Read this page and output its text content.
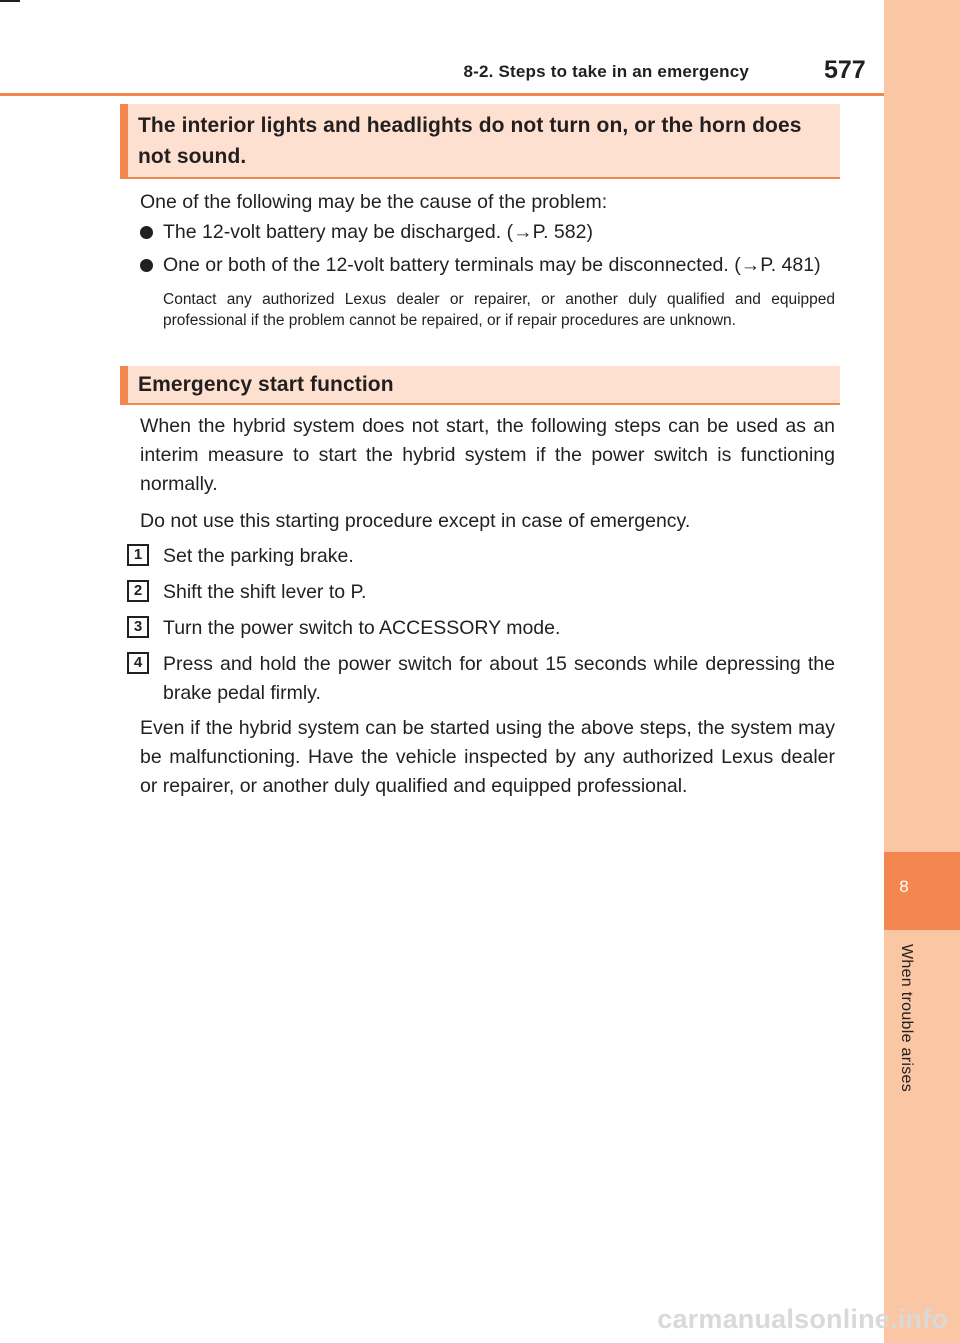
8-2. Steps to take in an emergency	577
8
When trouble arises
The interior lights and headlights do not turn on, or the horn does not sound.
One of the following may be the cause of the problem:
The 12-volt battery may be discharged. (→P. 582)
One or both of the 12-volt battery terminals may be disconnected. (→P. 481)
Contact any authorized Lexus dealer or repairer, or another duly qualified and equipped professional if the problem cannot be repaired, or if repair procedures are unknown.
Emergency start function
When the hybrid system does not start, the following steps can be used as an interim measure to start the hybrid system if the power switch is functioning normally.
Do not use this starting procedure except in case of emergency.
1	Set the parking brake.
2	Shift the shift lever to P.
3	Turn the power switch to ACCESSORY mode.
4	Press and hold the power switch for about 15 seconds while depressing the brake pedal firmly.
Even if the hybrid system can be started using the above steps, the system may be malfunctioning. Have the vehicle inspected by any authorized Lexus dealer or repairer, or another duly qualified and equipped professional.
carmanualsonline.info
